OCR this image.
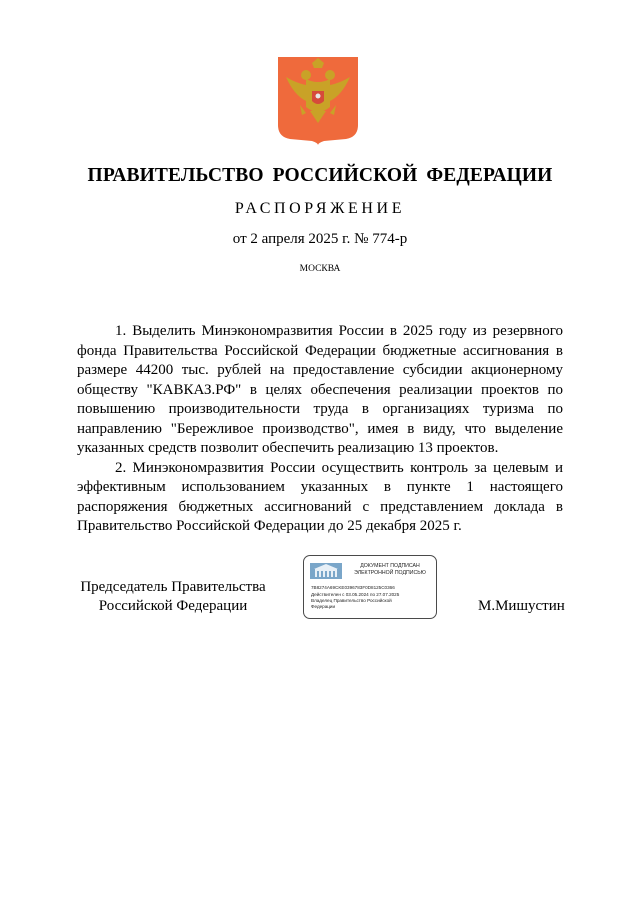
ПРАВИТЕЛЬСТВО РОССИЙСКОЙ ФЕДЕРАЦИИ
РАСПОРЯЖЕНИЕ
от 2 апреля 2025 г. № 774-р
МОСКВА

1. Выделить Минэкономразвития России в 2025 году из резервного фонда Правительства Российской Федерации бюджетные ассигнования в размере 44200 тыс. рублей на предоставление субсидии акционерному обществу "КАВКАЗ.РФ" в целях обеспечения реализации проектов по повышению производительности труда в организациях туризма по направлению "Бережливое производство", имея в виду, что выделение указанных средств позволит обеспечить реализацию 13 проектов.

2. Минэкономразвития России осуществить контроль за целевым и эффективным использованием указанных в пункте 1 настоящего распоряжения бюджетных ассигнований с представлением доклада в Правительство Российской Федерации до 25 декабря 2025 г.

Председатель Правительства
Российской Федерации
ДОКУМЕНТ ПОДПИСАН
ЭЛЕКТРОННОЙ ПОДПИСЬЮ
7B8274A69CKE0396783F0D8125C0366
Действителен с 03.05.2024 по 27.07.2025
Владелец Правительство Российской
Федерации	М.Мишустин
